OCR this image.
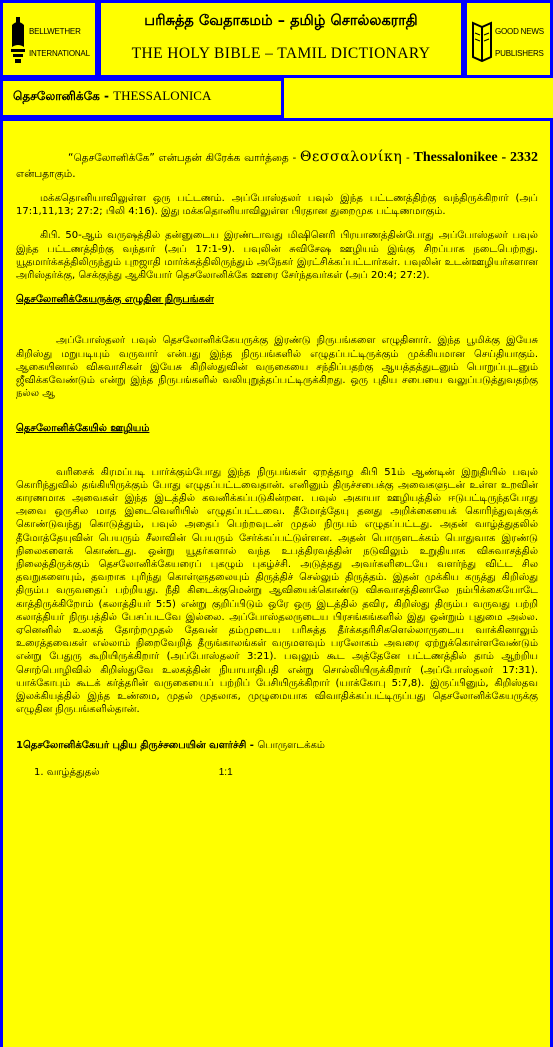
BELLWETHER
INTERNATIONAL
பரிசுத்த வேதாகமம் – தமிழ் சொல்லகராதி
THE HOLY BIBLE – TAMIL DICTIONARY
GOOD NEWS
PUBLISHERS
தெசலோனிக்கே - THESSALONICA

“தெசலோனிக்கே” என்பதன் கிரேக்க வார்த்தை - Θεσσαλονίκη - Thessalonikee - 2332 என்பதாகும்.

மக்கதொனியாவிலுள்ள ஒரு பட்டணம். அப்போஸ்தலர் பவுல் இந்த பட்டணத்திற்கு வந்திருக்கிறார் (அப் 17:1,11,13; 27:2; பிலி 4:16). இது மக்கதொனியாவிலுள்ள பிரதான துறைமுக பட்டிணமாகும்.

கிபி. 50-ஆம் வருஷத்தில் தன்னுடைய இரண்டாவது மிஷினெரி பிரயாணத்தின்போது அப்போஸ்தலர் பவுல் இந்த பட்டணத்திற்கு வந்தார் (அப் 17:1-9). பவுலின் சுவிசேஷ ஊழியம் இங்கு சிறப்பாக நடைபெற்றது. யூதமார்க்கத்திலிருந்தும் புறஜாதி மார்க்கத்திலிருந்தும் அநேகர் இரட்சிக்கப்பட்டார்கள். பவுலின் உடன்ஊழியர்களான அரிஸ்தர்க்கு, செக்குந்து ஆகியோர் தெசலோனிக்கே ஊரை சேர்ந்தவர்கள் (அப் 20:4; 27:2).

தெசலோனிக்கேயருக்கு எழுதின நிருபங்கள்

அப்போஸ்தலர் பவுல் தெசலோனிக்கேயருக்கு இரண்டு நிருபங்களை எழுதினார். இந்த பூமிக்கு இயேசு கிறிஸ்து மறுபடியும் வருவார் என்பது இந்த நிருபங்களில் எழுதப்பட்டிருக்கும் முக்கியமான செய்தியாகும். ஆகையினால் விசுவாசிகள் இயேசு கிறிஸ்துவின் வருகையை சந்திப்பதற்கு ஆயத்தத்துடனும் பொறுப்புடனும் ஜீவிக்கவேண்டும் என்று இந்த நிருபங்களில் வலியுறுத்தப்பட்டிருக்கிறது. ஒரு புதிய சபையை வலுப்படுத்துவதற்கு நல்ல ஆ

தெசலோனிக்கேயில் ஊழியம்

வரிசைக் கிரமப்படி பார்க்கும்போது இந்த நிருபங்கள் ஏறத்தாழ கிபி 51ம் ஆண்டின் இறுதியில் பவுல் கொரிந்துவில் தங்கியிருக்கும் போது எழுதப்பட்டவைதான். எனினும் திருச்சபைக்கு அவைகளுடன் உள்ள உறவின் காரணமாக அவைகள் இந்த இடத்தில் கவனிக்கப்படுகின்றன. பவுல் அகாயா ஊழியத்தில் ஈடுபட்டிருந்தபோது அவை ஒருசில மாத இடைவெளியில் எழுதப்பட்டவை. தீமோத்தேயு தனது அறிக்கையைக் கொரிந்துவுக்குக் கொண்டுவந்து கொடுத்தும், பவுல் அதைப் பெற்றவுடன் முதல் நிருபம் எழுதப்பட்டது. அதன் வாழ்த்துதலில் தீமோத்தேயுவின் பெயரும் சீலாவின் பெயரும் சேர்க்கப்பட்டுள்ளன. அதன் பொருளடக்கம் பொதுவாக இரண்டு நிலைகளைக் கொண்டது. ஒன்று யூதர்களால் வந்த உபத்திரவத்தின் நடுவிலும் உறுதியாக விசுவாசத்தில் நிலைத்திருக்கும் தெசலோனிக்கேயரைப் புகழும் புகழ்ச்சி. அடுத்தது அவர்களிடையே வளர்ந்து விட்ட சில தவறுகளையும், தவறாக புரிந்து கொள்ளுதலையும் திருத்திச் செல்லும் திருத்தம். இதன் முக்கிய கருத்து கிறிஸ்து திரும்ப வருவதைப் பற்றியது. நீதி கிடைக்குமென்று ஆவியைக்கொண்டு விசுவாசத்தினாலே நம்பிக்கையோடே காத்திருக்கிறோம் (கலாத்தியர் 5:5) என்று குறிப்பிடும் ஒரே ஒரு இடத்தில் தவிர, கிறிஸ்து திரும்ப வருவது பற்றி கலாத்தியர் நிருபத்தில் பேசப்படவே இல்லை. அப்போஸ்தலருடைய பிரசங்கங்களில் இது ஒன்றும் புதுமை அல்ல. ஏனெனில் உலகத் தோற்றமுதல் தேவன் தம்முடைய பரிசுத்த தீர்க்கதரிசிகளெல்லாருடைய வாக்கினாலும் உரைத்தவைகள் எல்லாம் நிறைவேறித் தீருங்காலங்கள் வருமளவும் பரலோகம் அவரை ஏற்றுக்கொள்ளவேண்டும் என்று பேதுரு கூறியிருக்கிறார் (அப்போஸ்தலர் 3:21). பவுலும் கூட அத்தேனே பட்டணத்தில் தாம் ஆற்றிய சொற்பொழிவில் கிறிஸ்துவே உலகத்தின் நியாயாதிபதி என்று சொல்லியிருக்கிறார் (அப்போஸ்தலர் 17:31). யாக்கோபும் கூடக் கர்த்தரின் வருகையைப் பற்றிப் பேசியிருக்கிறார் (யாக்கோபு 5:7,8). இருப்பினும், கிறிஸ்தவ இலக்கியத்தில் இந்த உண்மை, முதல் முதலாக, முழுமையாக விவாதிக்கப்பட்டிருப்பது தெசலோனிக்கேயருக்கு எழுதின நிருபங்களில்தான்.

1தெசலோனிக்கேயர் புதிய திருச்சபையின் வளர்ச்சி - பொருளடக்கம்
1. வாழ்த்துதல்	1:1
